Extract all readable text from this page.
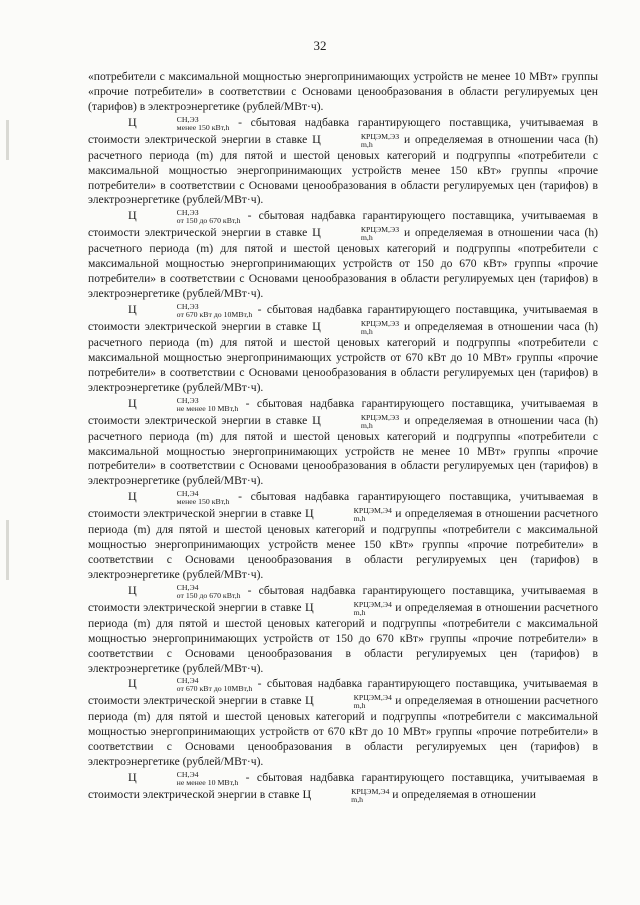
32

«потребители с максимальной мощностью энергопринимающих устройств не менее 10 МВт» группы «прочие потребители» в соответствии с Основами ценообразования в области регулируемых цен (тарифов) в электроэнергетике (рублей/МВт·ч).

Ц	СН,ЭЗ
менее 150 кВт,h - сбытовая надбавка гарантирующего поставщика, учитываемая в стоимости электрической энергии в ставке Ц	КРЦЭМ,ЭЗ
m,h	и определяемая в отношении часа (h) расчетного периода (m) для пятой и шестой ценовых категорий и подгруппы «потребители с максимальной мощностью энергопринимающих устройств менее 150 кВт» группы «прочие потребители» в соответствии с Основами ценообразования в области регулируемых цен (тарифов) в электроэнергетике (рублей/МВт·ч).

Ц	СН,ЭЗ
от 150 до 670 кВт,h - сбытовая надбавка гарантирующего поставщика, учитываемая в стоимости электрической энергии в ставке Ц	КРЦЭМ,ЭЗ
m,h	и определяемая в отношении часа (h) расчетного периода (m) для пятой и шестой ценовых категорий и подгруппы «потребители с максимальной мощностью энергопринимающих устройств от 150 до 670 кВт» группы «прочие потребители» в соответствии с Основами ценообразования в области регулируемых цен (тарифов) в электроэнергетике (рублей/МВт·ч).

Ц	СН,ЭЗ
от 670 кВт до 10МВт,h - сбытовая надбавка гарантирующего поставщика, учитываемая в стоимости электрической энергии в ставке Ц	КРЦЭМ,ЭЗ
m,h	и определяемая в отношении часа (h) расчетного периода (m) для пятой и шестой ценовых категорий и подгруппы «потребители с максимальной мощностью энергопринимающих устройств от 670 кВт до 10 МВт» группы «прочие потребители» в соответствии с Основами ценообразования в области регулируемых цен (тарифов) в электроэнергетике (рублей/МВт·ч).

Ц	СН,ЭЗ
не менее 10 МВт,h - сбытовая надбавка гарантирующего поставщика, учитываемая в стоимости электрической энергии в ставке Ц	КРЦЭМ,ЭЗ
m,h	и определяемая в отношении часа (h) расчетного периода (m) для пятой и шестой ценовых категорий и подгруппы «потребители с максимальной мощностью энергопринимающих устройств не менее 10 МВт» группы «прочие потребители» в соответствии с Основами ценообразования в области регулируемых цен (тарифов) в электроэнергетике (рублей/МВт·ч).

Ц	СН,Э4
менее 150 кВт,h - сбытовая надбавка гарантирующего поставщика, учитываемая в стоимости электрической энергии в ставке Ц	КРЦЭМ,Э4
m,h	и определяемая в отношении расчетного периода (m) для пятой и шестой ценовых категорий и подгруппы «потребители с максимальной мощностью энергопринимающих устройств менее 150 кВт» группы «прочие потребители» в соответствии с Основами ценообразования в области регулируемых цен (тарифов) в электроэнергетике (рублей/МВт·ч).

Ц	СН,Э4
от 150 до 670 кВт,h - сбытовая надбавка гарантирующего поставщика, учитываемая в стоимости электрической энергии в ставке Ц	КРЦЭМ,Э4
m,h	и определяемая в отношении расчетного периода (m) для пятой и шестой ценовых категорий и подгруппы «потребители с максимальной мощностью энергопринимающих устройств от 150 до 670 кВт» группы «прочие потребители» в соответствии с Основами ценообразования в области регулируемых цен (тарифов) в электроэнергетике (рублей/МВт·ч).

Ц	СН,Э4
от 670 кВт до 10МВт,h - сбытовая надбавка гарантирующего поставщика, учитываемая в стоимости электрической энергии в ставке Ц	КРЦЭМ,Э4
m,h	и определяемая в отношении расчетного периода (m) для пятой и шестой ценовых категорий и подгруппы «потребители с максимальной мощностью энергопринимающих устройств от 670 кВт до 10 МВт» группы «прочие потребители» в соответствии с Основами ценообразования в области регулируемых цен (тарифов) в электроэнергетике (рублей/МВт·ч).

Ц	СН,Э4
не менее 10 МВт,h - сбытовая надбавка гарантирующего поставщика, учитываемая в стоимости электрической энергии в ставке Ц	КРЦЭМ,Э4
m,h	и определяемая в отношении
